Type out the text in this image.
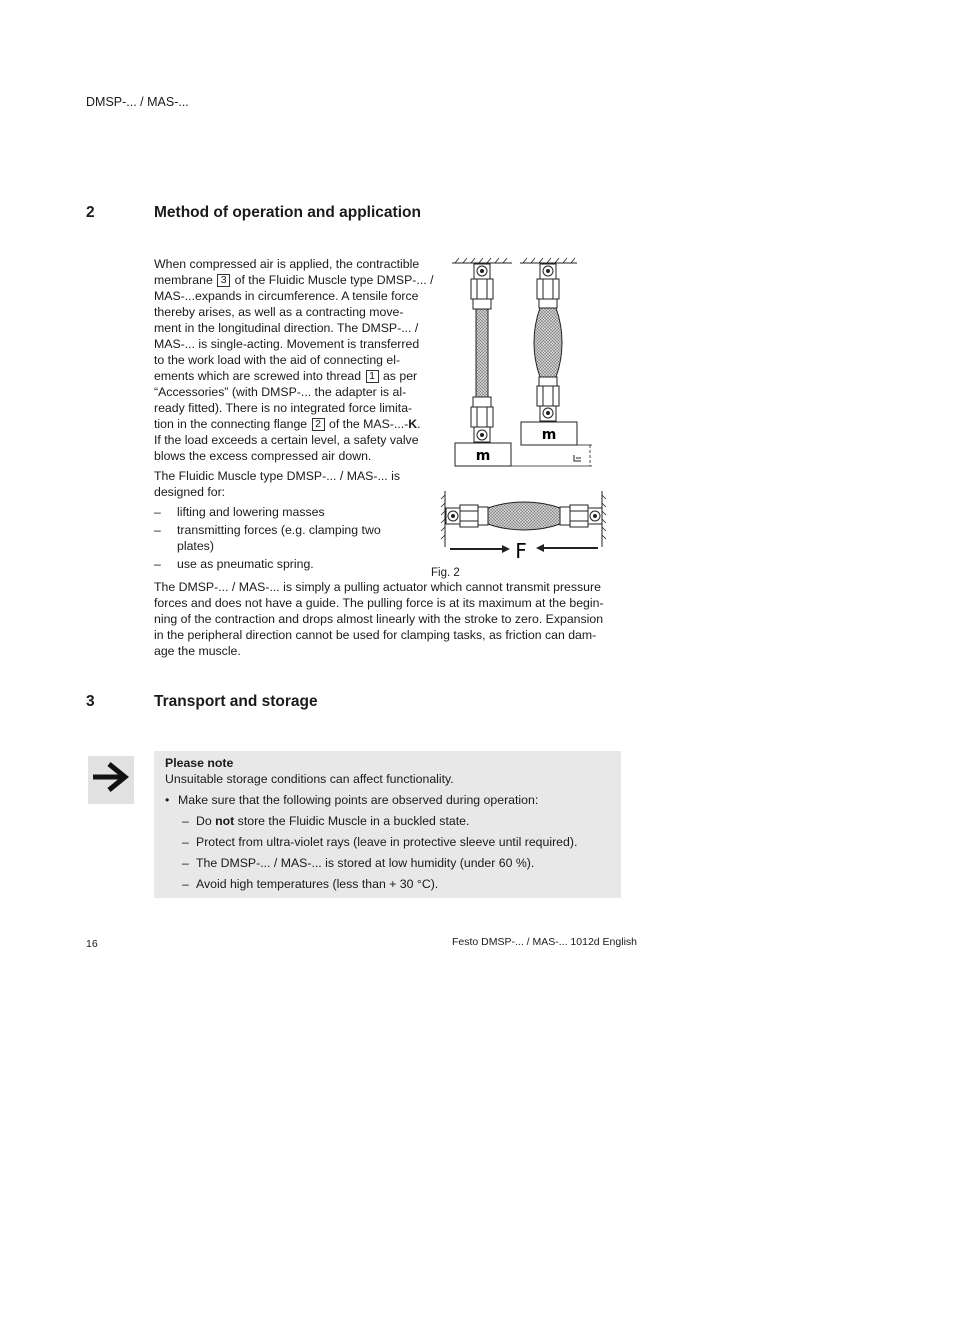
DMSP-... / MAS-...
2	Method of operation and application
When compressed air is applied, the contractible
membrane 3 of the Fluidic Muscle type DMSP-... /
MAS-...expands in circumference. A tensile force
thereby arises, as well as a contracting move-
ment in the longitudinal direction. The DMSP-... /
MAS-... is single-acting. Movement is transferred
to the work load with the aid of connecting el-
ements which are screwed into thread 1 as per
“Accessories” (with DMSP-... the adapter is al-
ready fitted). There is no integrated force limita-
tion in the connecting flange 2 of the MAS-...-K.
If the load exceeds a certain level, a safety valve
blows the excess compressed air down.
The Fluidic Muscle type DMSP-... / MAS-... is
designed for:
– lifting and lowering masses
– transmitting forces (e.g. clamping two plates)
– use as pneumatic spring.
m
m
F
Fig. 2
The DMSP-... / MAS-... is simply a pulling actuator which cannot transmit pressure
forces and does not have a guide. The pulling force is at its maximum at the begin-
ning of the contraction and drops almost linearly with the stroke to zero. Expansion
in the peripheral direction cannot be used for clamping tasks, as friction can dam-
age the muscle.
3	Transport and storage
Please note
Unsuitable storage conditions can affect functionality.
• Make sure that the following points are observed during operation:
– Do not store the Fluidic Muscle in a buckled state.
– Protect from ultra-violet rays (leave in protective sleeve until required).
– The DMSP-... / MAS-... is stored at low humidity (under 60 %).
– Avoid high temperatures (less than + 30 °C).
16	Festo DMSP-... / MAS-... 1012d English
